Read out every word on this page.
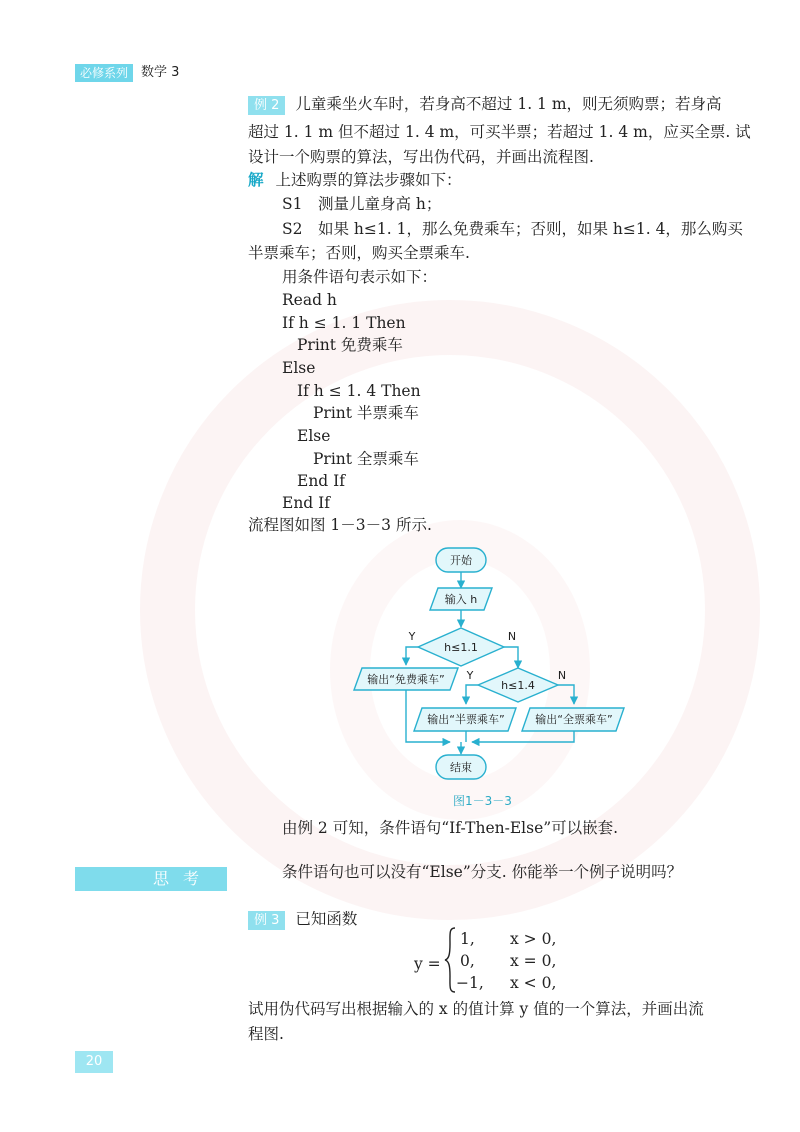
必修系列	数学 3
例 2 儿童乘坐火车时，若身高不超过 1. 1 m，则无须购票；若身高
超过 1. 1 m 但不超过 1. 4 m，可买半票；若超过 1. 4 m，应买全票. 试
设计一个购票的算法，写出伪代码，并画出流程图.
解 上述购票的算法步骤如下：
S1　测量儿童身高 h；
S2　如果 h≤1. 1，那么免费乘车；否则，如果 h≤1. 4，那么购买
半票乘车；否则，购买全票乘车.
用条件语句表示如下：
Read h
If h ≤ 1. 1 Then
Print 免费乘车
Else
If h ≤ 1. 4 Then
Print 半票乘车
Else
Print 全票乘车
End If
End If
流程图如图 1－3－3 所示.
开始
输入 h
h≤1.1
Y	N
输出“免费乘车”	h≤1.4
Y	N
输出“半票乘车”	输出“全票乘车”
结束
图1－3－3
由例 2 可知，条件语句“If-Then-Else”可以嵌套.
思考	条件语句也可以没有“Else”分支. 你能举一个例子说明吗？
例 3 已知函数
y =
1, x > 0,
0, x = 0,
−1, x < 0,
试用伪代码写出根据输入的 x 的值计算 y 值的一个算法，并画出流
程图.
20
